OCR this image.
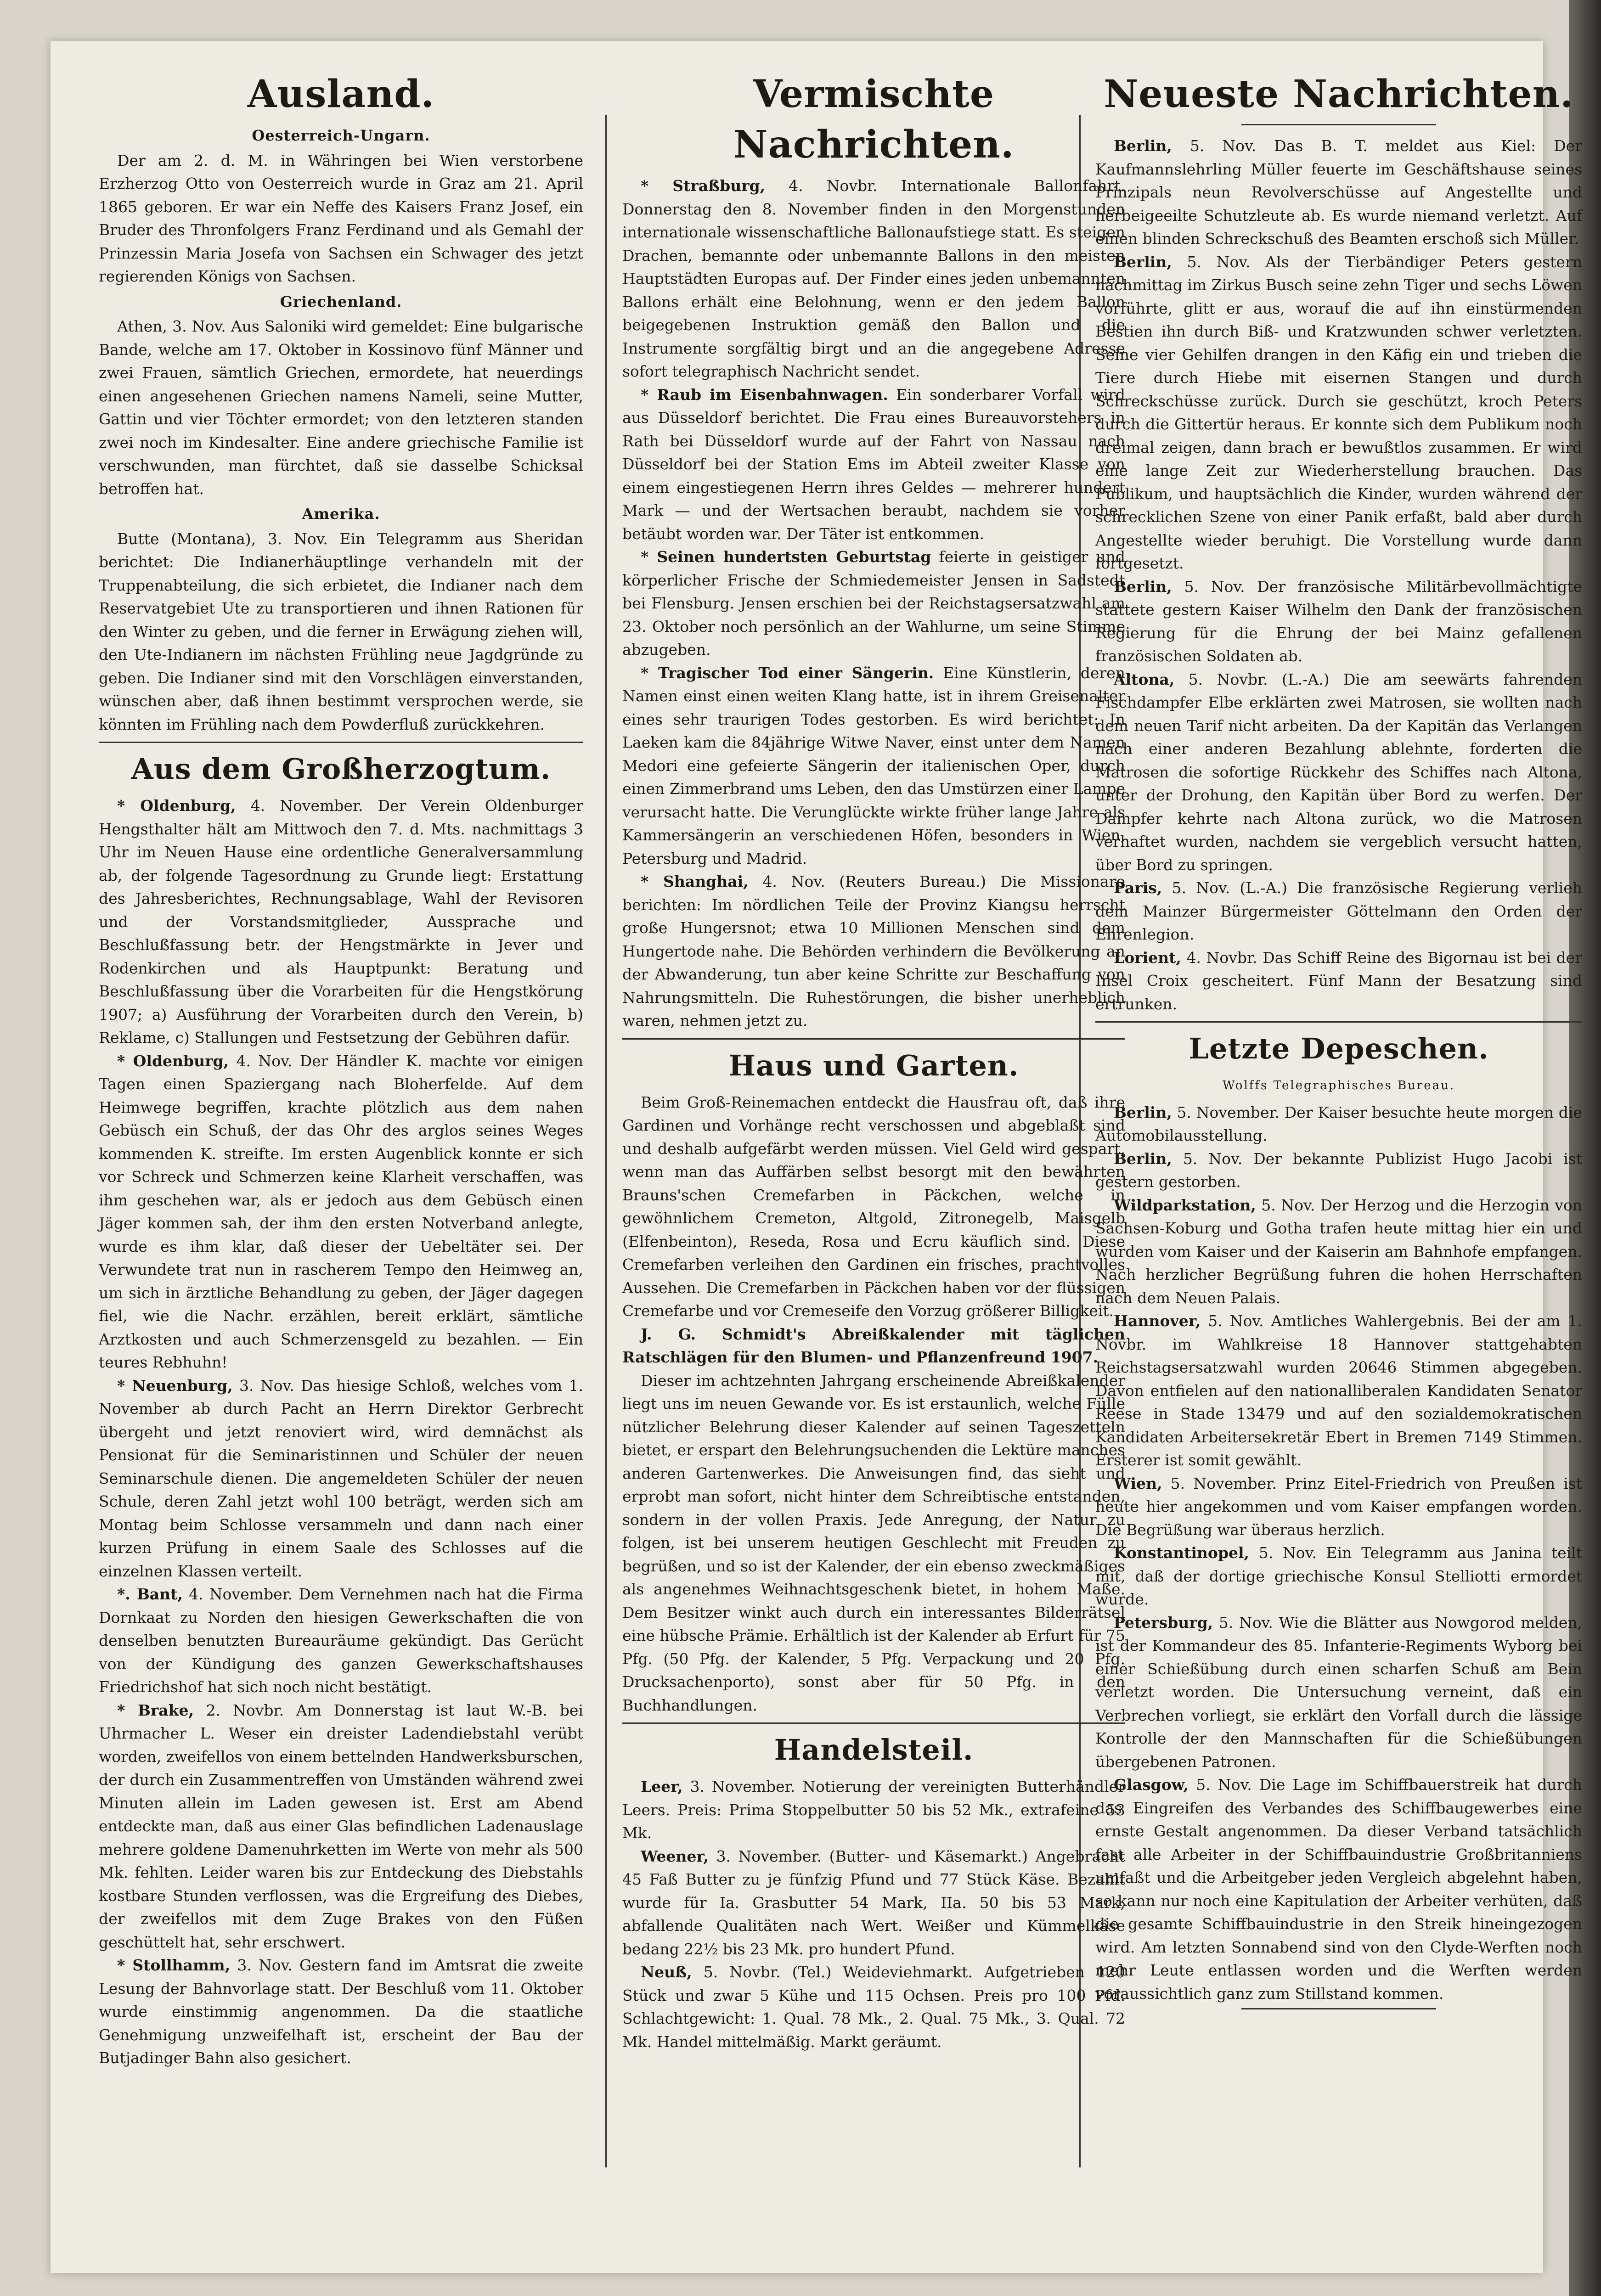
Ausland.
Oesterreich-Ungarn.

Der am 2. d. M. in Währingen bei Wien verstorbene Erzherzog Otto von Oesterreich wurde in Graz am 21. April 1865 geboren. Er war ein Neffe des Kaisers Franz Josef, ein Bruder des Thronfolgers Franz Ferdinand und als Gemahl der Prinzessin Maria Josefa von Sachsen ein Schwager des jetzt regierenden Königs von Sachsen.

Griechenland.

Athen, 3. Nov. Aus Saloniki wird gemeldet: Eine bulgarische Bande, welche am 17. Oktober in Kossinovo fünf Männer und zwei Frauen, sämtlich Griechen, ermordete, hat neuerdings einen angesehenen Griechen namens Nameli, seine Mutter, Gattin und vier Töchter ermordet; von den letzteren standen zwei noch im Kindesalter. Eine andere griechische Familie ist verschwunden, man fürchtet, daß sie dasselbe Schicksal betroffen hat.

Amerika.

Butte (Montana), 3. Nov. Ein Telegramm aus Sheridan berichtet: Die Indianerhäuptlinge verhandeln mit der Truppenabteilung, die sich erbietet, die Indianer nach dem Reservatgebiet Ute zu transportieren und ihnen Rationen für den Winter zu geben, und die ferner in Erwägung ziehen will, den Ute-Indianern im nächsten Frühling neue Jagdgründe zu geben. Die Indianer sind mit den Vorschlägen einverstanden, wünschen aber, daß ihnen bestimmt versprochen werde, sie könnten im Frühling nach dem Powderfluß zurückkehren.

Aus dem Großherzogtum.

* Oldenburg, 4. November. Der Verein Oldenburger Hengsthalter hält am Mittwoch den 7. d. Mts. nachmittags 3 Uhr im Neuen Hause eine ordentliche Generalversammlung ab, der folgende Tagesordnung zu Grunde liegt: Erstattung des Jahresberichtes, Rechnungsablage, Wahl der Revisoren und der Vorstandsmitglieder, Aussprache und Beschlußfassung betr. der Hengstmärkte in Jever und Rodenkirchen und als Hauptpunkt: Beratung und Beschlußfassung über die Vorarbeiten für die Hengstkörung 1907; a) Ausführung der Vorarbeiten durch den Verein, b) Reklame, c) Stallungen und Festsetzung der Gebühren dafür.

* Oldenburg, 4. Nov. Der Händler K. machte vor einigen Tagen einen Spaziergang nach Bloherfelde. Auf dem Heimwege begriffen, krachte plötzlich aus dem nahen Gebüsch ein Schuß, der das Ohr des arglos seines Weges kommenden K. streifte. Im ersten Augenblick konnte er sich vor Schreck und Schmerzen keine Klarheit verschaffen, was ihm geschehen war, als er jedoch aus dem Gebüsch einen Jäger kommen sah, der ihm den ersten Notverband anlegte, wurde es ihm klar, daß dieser der Uebeltäter sei. Der Verwundete trat nun in rascherem Tempo den Heimweg an, um sich in ärztliche Behandlung zu geben, der Jäger dagegen fiel, wie die Nachr. erzählen, bereit erklärt, sämtliche Arztkosten und auch Schmerzensgeld zu bezahlen. — Ein teures Rebhuhn!

* Neuenburg, 3. Nov. Das hiesige Schloß, welches vom 1. November ab durch Pacht an Herrn Direktor Gerbrecht übergeht und jetzt renoviert wird, wird demnächst als Pensionat für die Seminaristinnen und Schüler der neuen Seminarschule dienen. Die angemeldeten Schüler der neuen Schule, deren Zahl jetzt wohl 100 beträgt, werden sich am Montag beim Schlosse versammeln und dann nach einer kurzen Prüfung in einem Saale des Schlosses auf die einzelnen Klassen verteilt.

*. Bant, 4. November. Dem Vernehmen nach hat die Firma Dornkaat zu Norden den hiesigen Gewerkschaften die von denselben benutzten Bureauräume gekündigt. Das Gerücht von der Kündigung des ganzen Gewerkschaftshauses Friedrichshof hat sich noch nicht bestätigt.

* Brake, 2. Novbr. Am Donnerstag ist laut W.-B. bei Uhrmacher L. Weser ein dreister Ladendiebstahl verübt worden, zweifellos von einem bettelnden Handwerksburschen, der durch ein Zusammentreffen von Umständen während zwei Minuten allein im Laden gewesen ist. Erst am Abend entdeckte man, daß aus einer Glas befindlichen Ladenauslage mehrere goldene Damenuhrketten im Werte von mehr als 500 Mk. fehlten. Leider waren bis zur Entdeckung des Diebstahls kostbare Stunden verflossen, was die Ergreifung des Diebes, der zweifellos mit dem Zuge Brakes von den Füßen geschüttelt hat, sehr erschwert.

* Stollhamm, 3. Nov. Gestern fand im Amtsrat die zweite Lesung der Bahnvorlage statt. Der Beschluß vom 11. Oktober wurde einstimmig angenommen. Da die staatliche Genehmigung unzweifelhaft ist, erscheint der Bau der Butjadinger Bahn also gesichert.

Vermischte Nachrichten.

* Straßburg, 4. Novbr. Internationale Ballonfahrt. Donnerstag den 8. November finden in den Morgenstunden internationale wissenschaftliche Ballonaufstiege statt. Es steigen Drachen, bemannte oder unbemannte Ballons in den meisten Hauptstädten Europas auf. Der Finder eines jeden unbemannten Ballons erhält eine Belohnung, wenn er den jedem Ballon beigegebenen Instruktion gemäß den Ballon und die Instrumente sorgfältig birgt und an die angegebene Adresse sofort telegraphisch Nachricht sendet.

* Raub im Eisenbahnwagen. Ein sonderbarer Vorfall wird aus Düsseldorf berichtet. Die Frau eines Bureauvorstehers in Rath bei Düsseldorf wurde auf der Fahrt von Nassau nach Düsseldorf bei der Station Ems im Abteil zweiter Klasse von einem eingestiegenen Herrn ihres Geldes — mehrerer hundert Mark — und der Wertsachen beraubt, nachdem sie vorher betäubt worden war. Der Täter ist entkommen.

* Seinen hundertsten Geburtstag feierte in geistiger und körperlicher Frische der Schmiedemeister Jensen in Sadstedt bei Flensburg. Jensen erschien bei der Reichstagsersatzwahl am 23. Oktober noch persönlich an der Wahlurne, um seine Stimme abzugeben.

* Tragischer Tod einer Sängerin. Eine Künstlerin, deren Namen einst einen weiten Klang hatte, ist in ihrem Greisenalter eines sehr traurigen Todes gestorben. Es wird berichtet: In Laeken kam die 84jährige Witwe Naver, einst unter dem Namen Medori eine gefeierte Sängerin der italienischen Oper, durch einen Zimmerbrand ums Leben, den das Umstürzen einer Lampe verursacht hatte. Die Verunglückte wirkte früher lange Jahre als Kammersängerin an verschiedenen Höfen, besonders in Wien, Petersburg und Madrid.

* Shanghai, 4. Nov. (Reuters Bureau.) Die Missionare berichten: Im nördlichen Teile der Provinz Kiangsu herrscht große Hungersnot; etwa 10 Millionen Menschen sind dem Hungertode nahe. Die Behörden verhindern die Bevölkerung an der Abwanderung, tun aber keine Schritte zur Beschaffung von Nahrungsmitteln. Die Ruhestörungen, die bisher unerheblich waren, nehmen jetzt zu.

Haus und Garten.

Beim Groß-Reinemachen entdeckt die Hausfrau oft, daß ihre Gardinen und Vorhänge recht verschossen und abgeblaßt sind und deshalb aufgefärbt werden müssen. Viel Geld wird gespart, wenn man das Auffärben selbst besorgt mit den bewährten Brauns'schen Cremefarben in Päckchen, welche in gewöhnlichem Cremeton, Altgold, Zitronegelb, Maisgelb (Elfenbeinton), Reseda, Rosa und Ecru käuflich sind. Diese Cremefarben verleihen den Gardinen ein frisches, prachtvolles Aussehen. Die Cremefarben in Päckchen haben vor der flüssigen Cremefarbe und vor Cremeseife den Vorzug größerer Billigkeit.

J. G. Schmidt's Abreißkalender mit täglichen Ratschlägen für den Blumen- und Pflanzenfreund 1907.

Dieser im achtzehnten Jahrgang erscheinende Abreißkalender liegt uns im neuen Gewande vor. Es ist erstaunlich, welche Fülle nützlicher Belehrung dieser Kalender auf seinen Tageszetteln bietet, er erspart den Belehrungsuchenden die Lektüre manches anderen Gartenwerkes. Die Anweisungen find, das sieht und erprobt man sofort, nicht hinter dem Schreibtische entstanden, sondern in der vollen Praxis. Jede Anregung, der Natur zu folgen, ist bei unserem heutigen Geschlecht mit Freuden zu begrüßen, und so ist der Kalender, der ein ebenso zweckmäßiges als angenehmes Weihnachtsgeschenk bietet, in hohem Maße. Dem Besitzer winkt auch durch ein interessantes Bilderrätsel eine hübsche Prämie. Erhältlich ist der Kalender ab Erfurt für 75 Pfg. (50 Pfg. der Kalender, 5 Pfg. Verpackung und 20 Pfg. Drucksachenporto), sonst aber für 50 Pfg. in den Buchhandlungen.

Handelsteil.

Leer, 3. November. Notierung der vereinigten Butterhändler Leers. Preis: Prima Stoppelbutter 50 bis 52 Mk., extrafeine 53 Mk.

Weener, 3. November. (Butter- und Käsemarkt.) Angebracht 45 Faß Butter zu je fünfzig Pfund und 77 Stück Käse. Bezahlt wurde für Ia. Grasbutter 54 Mark, IIa. 50 bis 53 Mark, abfallende Qualitäten nach Wert. Weißer und Kümmelkäse bedang 22½ bis 23 Mk. pro hundert Pfund.

Neuß, 5. Novbr. (Tel.) Weideviehmarkt. Aufgetrieben 120 Stück und zwar 5 Kühe und 115 Ochsen. Preis pro 100 Pfd. Schlachtgewicht: 1. Qual. 78 Mk., 2. Qual. 75 Mk., 3. Qual. 72 Mk. Handel mittelmäßig. Markt geräumt.

Neueste Nachrichten.

Berlin, 5. Nov. Das B. T. meldet aus Kiel: Der Kaufmannslehrling Müller feuerte im Geschäftshause seines Prinzipals neun Revolverschüsse auf Angestellte und herbeigeeilte Schutzleute ab. Es wurde niemand verletzt. Auf einen blinden Schreckschuß des Beamten erschoß sich Müller.

Berlin, 5. Nov. Als der Tierbändiger Peters gestern nachmittag im Zirkus Busch seine zehn Tiger und sechs Löwen vorführte, glitt er aus, worauf die auf ihn einstürmenden Bestien ihn durch Biß- und Kratzwunden schwer verletzten. Seine vier Gehilfen drangen in den Käfig ein und trieben die Tiere durch Hiebe mit eisernen Stangen und durch Schreckschüsse zurück. Durch sie geschützt, kroch Peters durch die Gittertür heraus. Er konnte sich dem Publikum noch dreimal zeigen, dann brach er bewußtlos zusammen. Er wird eine lange Zeit zur Wiederherstellung brauchen. Das Publikum, und hauptsächlich die Kinder, wurden während der schrecklichen Szene von einer Panik erfaßt, bald aber durch Angestellte wieder beruhigt. Die Vorstellung wurde dann fortgesetzt.

Berlin, 5. Nov. Der französische Militärbevollmächtigte stattete gestern Kaiser Wilhelm den Dank der französischen Regierung für die Ehrung der bei Mainz gefallenen französischen Soldaten ab.

Altona, 5. Novbr. (L.-A.) Die am seewärts fahrenden Fischdampfer Elbe erklärten zwei Matrosen, sie wollten nach dem neuen Tarif nicht arbeiten. Da der Kapitän das Verlangen nach einer anderen Bezahlung ablehnte, forderten die Matrosen die sofortige Rückkehr des Schiffes nach Altona, unter der Drohung, den Kapitän über Bord zu werfen. Der Dampfer kehrte nach Altona zurück, wo die Matrosen verhaftet wurden, nachdem sie vergeblich versucht hatten, über Bord zu springen.

Paris, 5. Nov. (L.-A.) Die französische Regierung verlieh dem Mainzer Bürgermeister Göttelmann den Orden der Ehrenlegion.

Lorient, 4. Novbr. Das Schiff Reine des Bigornau ist bei der Insel Croix gescheitert. Fünf Mann der Besatzung sind ertrunken.

Letzte Depeschen.
Wolffs Telegraphisches Bureau.

Berlin, 5. November. Der Kaiser besuchte heute morgen die Automobilausstellung.

Berlin, 5. Nov. Der bekannte Publizist Hugo Jacobi ist gestern gestorben.

Wildparkstation, 5. Nov. Der Herzog und die Herzogin von Sachsen-Koburg und Gotha trafen heute mittag hier ein und wurden vom Kaiser und der Kaiserin am Bahnhofe empfangen. Nach herzlicher Begrüßung fuhren die hohen Herrschaften nach dem Neuen Palais.

Hannover, 5. Nov. Amtliches Wahlergebnis. Bei der am 1. Novbr. im Wahlkreise 18 Hannover stattgehabten Reichstagsersatzwahl wurden 20646 Stimmen abgegeben. Davon entfielen auf den nationalliberalen Kandidaten Senator Reese in Stade 13479 und auf den sozialdemokratischen Kandidaten Arbeitersekretär Ebert in Bremen 7149 Stimmen. Ersterer ist somit gewählt.

Wien, 5. November. Prinz Eitel-Friedrich von Preußen ist heute hier angekommen und vom Kaiser empfangen worden. Die Begrüßung war überaus herzlich.

Konstantinopel, 5. Nov. Ein Telegramm aus Janina teilt mit, daß der dortige griechische Konsul Stelliotti ermordet wurde.

Petersburg, 5. Nov. Wie die Blätter aus Nowgorod melden, ist der Kommandeur des 85. Infanterie-Regiments Wyborg bei einer Schießübung durch einen scharfen Schuß am Bein verletzt worden. Die Untersuchung verneint, daß ein Verbrechen vorliegt, sie erklärt den Vorfall durch die lässige Kontrolle der den Mannschaften für die Schießübungen übergebenen Patronen.

Glasgow, 5. Nov. Die Lage im Schiffbauerstreik hat durch das Eingreifen des Verbandes des Schiffbaugewerbes eine ernste Gestalt angenommen. Da dieser Verband tatsächlich fast alle Arbeiter in der Schiffbauindustrie Großbritanniens umfaßt und die Arbeitgeber jeden Vergleich abgelehnt haben, so kann nur noch eine Kapitulation der Arbeiter verhüten, daß die gesamte Schiffbauindustrie in den Streik hineingezogen wird. Am letzten Sonnabend sind von den Clyde-Werften noch mehr Leute entlassen worden und die Werften werden voraussichtlich ganz zum Stillstand kommen.
